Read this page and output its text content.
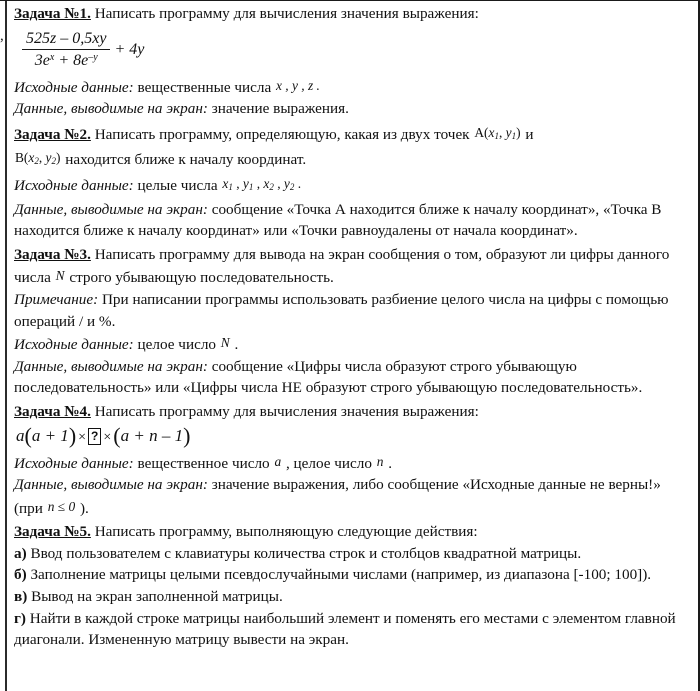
,
Задача №1. Написать программу для вычисления значения выражения:
$\frac{525z - 0,5xy}{3e^x + 8e^{-y}} + 4y$
Исходные данные: вещественные числа x , y , z .
Данные, выводимые на экран: значение выражения.
Задача №2. Написать программу, определяющую, какая из двух точек $A(x_1$, $y_1$) и
$B(x_2$, $y_2$) находится ближе к началу координат.
Исходные данные: целые числа $x_1$ , $y_1$ , $x_2$ , $y_2$ .
Данные, выводимые на экран: сообщение «Точка А находится ближе к началу координат», «Точка В находится ближе к началу координат» или «Точки равноудалены от начала координат».
Задача №3. Написать программу для вывода на экран сообщения о том, образуют ли цифры данного числа N строго убывающую последовательность.
Примечание: При написании программы использовать разбиение целого числа на цифры с помощью операций / и %.
Исходные данные: целое число N .
Данные, выводимые на экран: сообщение «Цифры числа образуют строго убывающую последовательность» или «Цифры числа НЕ образуют строго убывающую последовательность».
Задача №4. Написать программу для вычисления значения выражения:
a(a + 1) × ? ×(a + n – 1)
Исходные данные: вещественное число a , целое число n .
Данные, выводимые на экран: значение выражения, либо сообщение «Исходные данные не верны!» (при n ≤ 0 ).
Задача №5. Написать программу, выполняющую следующие действия:
а) Ввод пользователем с клавиатуры количества строк и столбцов квадратной матрицы.
б) Заполнение матрицы целыми псевдослучайными числами (например, из диапазона [-100; 100]).
в) Вывод на экран заполненной матрицы.
г) Найти в каждой строке матрицы наибольший элемент и поменять его местами с элементом главной диагонали. Измененную матрицу вывести на экран.
